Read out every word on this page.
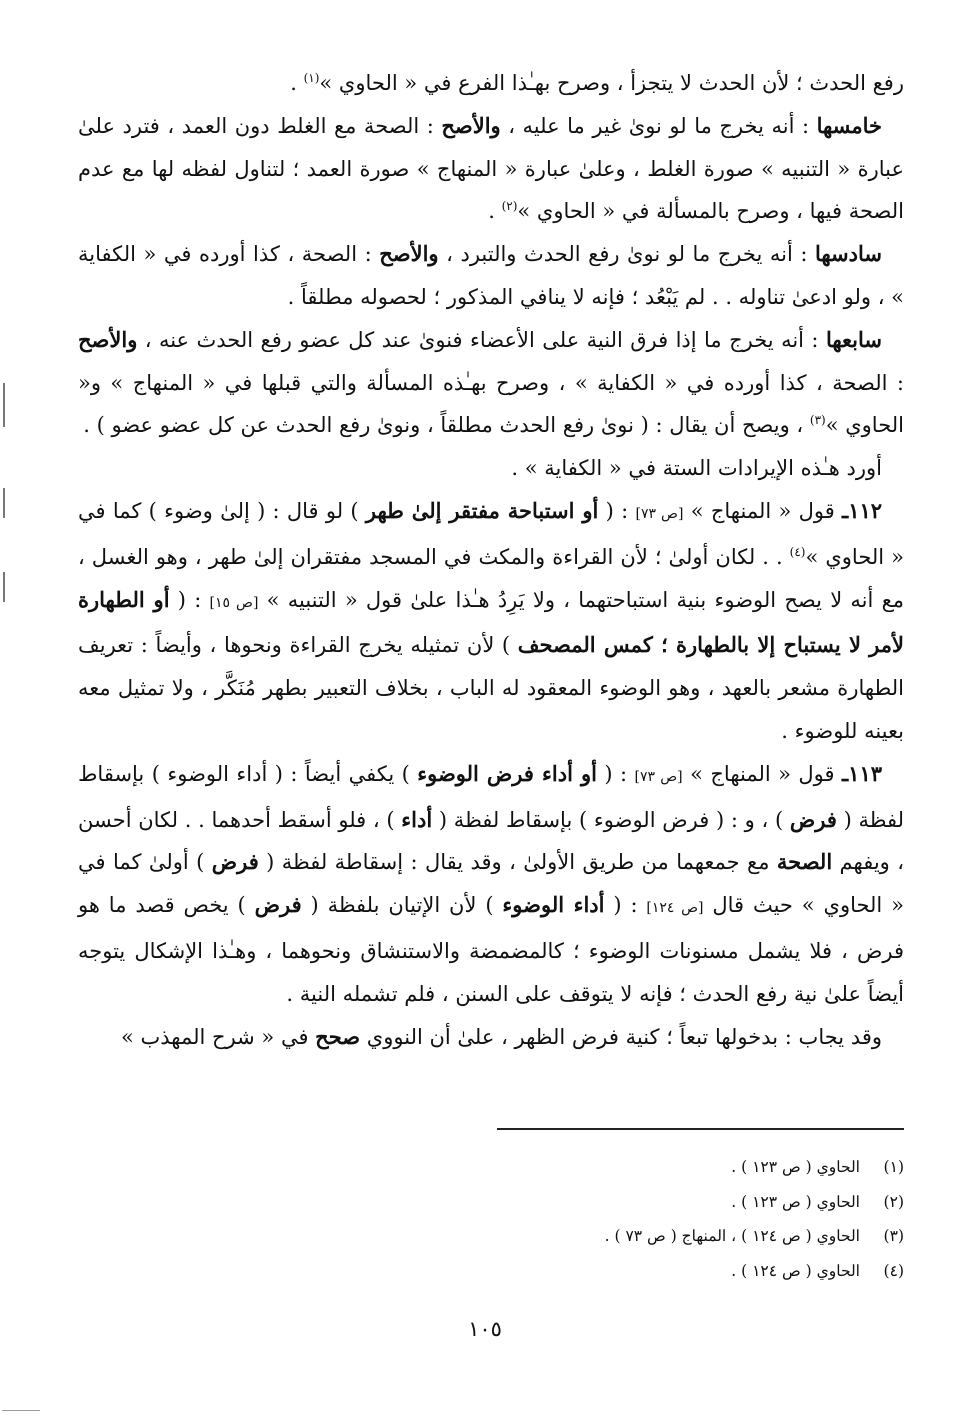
رفع الحدث ؛ لأن الحدث لا يتجزأ ، وصرح بهـٰذا الفرع في « الحاوي »$^{(١)}$ .

خامسها : أنه يخرج ما لو نوىٰ غير ما عليه ، والأصح : الصحة مع الغلط دون العمد ، فترد علىٰ عبارة « التنبيه » صورة الغلط ، وعلىٰ عبارة « المنهاج » صورة العمد ؛ لتناول لفظه لها مع عدم الصحة فيها ، وصرح بالمسألة في « الحاوي »$^{(٢)}$ .

سادسها : أنه يخرج ما لو نوىٰ رفع الحدث والتبرد ، والأصح : الصحة ، كذا أورده في « الكفاية » ، ولو ادعىٰ تناوله . . لم يَبْعُد ؛ فإنه لا ينافي المذكور ؛ لحصوله مطلقاً .

سابعها : أنه يخرج ما إذا فرق النية على الأعضاء فنوىٰ عند كل عضو رفع الحدث عنه ، والأصح : الصحة ، كذا أورده في « الكفاية » ، وصرح بهـٰذه المسألة والتي قبلها في « المنهاج » و« الحاوي »$^{(٣)}$ ، ويصح أن يقال : ( نوىٰ رفع الحدث مطلقاً ، ونوىٰ رفع الحدث عن كل عضو عضو ) .

أورد هـٰذه الإيرادات الستة في « الكفاية » .

١١٢ـ قول « المنهاج » [ص ٧٣] : ( أو استباحة مفتقر إلىٰ طهر ) لو قال : ( إلىٰ وضوء ) كما في « الحاوي »$^{(٤)}$ . . لكان أولىٰ ؛ لأن القراءة والمكث في المسجد مفتقران إلىٰ طهر ، وهو الغسل ، مع أنه لا يصح الوضوء بنية استباحتهما ، ولا يَرِدُ هـٰذا علىٰ قول « التنبيه » [ص ١٥] : ( أو الطهارة لأمر لا يستباح إلا بالطهارة ؛ كمس المصحف ) لأن تمثيله يخرج القراءة ونحوها ، وأيضاً : تعريف الطهارة مشعر بالعهد ، وهو الوضوء المعقود له الباب ، بخلاف التعبير بطهر مُنَكَّر ، ولا تمثيل معه بعينه للوضوء .

١١٣ـ قول « المنهاج » [ص ٧٣] : ( أو أداء فرض الوضوء ) يكفي أيضاً : ( أداء الوضوء ) بإسقاط لفظة ( فرض ) ، و : ( فرض الوضوء ) بإسقاط لفظة ( أداء ) ، فلو أسقط أحدهما . . لكان أحسن ، ويفهم الصحة مع جمعهما من طريق الأولىٰ ، وقد يقال : إسقاطة لفظة ( فرض ) أولىٰ كما في « الحاوي » حيث قال [ص ١٢٤] : ( أداء الوضوء ) لأن الإتيان بلفظة ( فرض ) يخص قصد ما هو فرض ، فلا يشمل مسنونات الوضوء ؛ كالمضمضة والاستنشاق ونحوهما ، وهـٰذا الإشكال يتوجه أيضاً علىٰ نية رفع الحدث ؛ فإنه لا يتوقف على السنن ، فلم تشمله النية .

وقد يجاب : بدخولها تبعاً ؛ كنية فرض الظهر ، علىٰ أن النووي صحح في « شرح المهذب »

(١)الحاوي ( ص ١٢٣ ) .
(٢)الحاوي ( ص ١٢٣ ) .
(٣)الحاوي ( ص ١٢٤ ) ، المنهاج ( ص ٧٣ ) .
(٤)الحاوي ( ص ١٢٤ ) .
١٠٥
